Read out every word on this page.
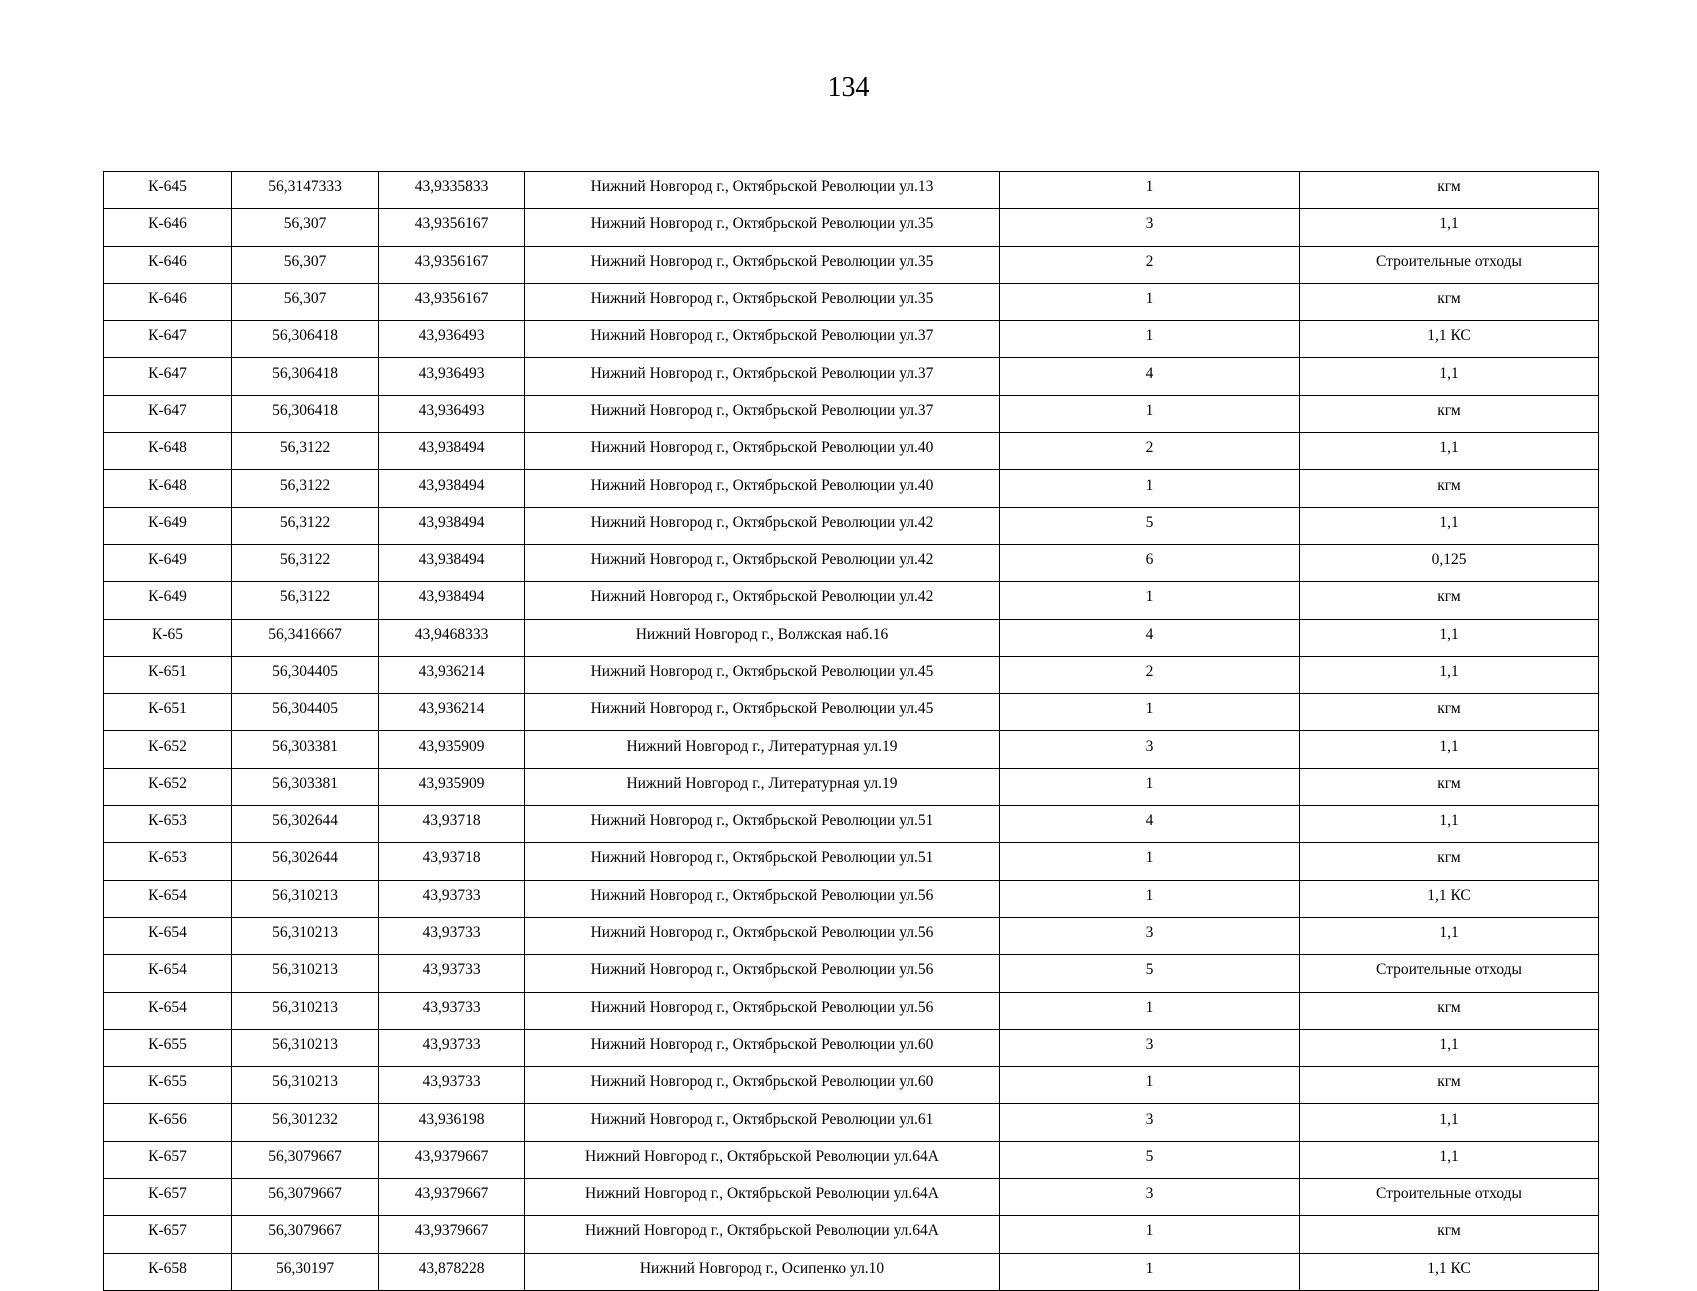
134
К-645	56,3147333	43,9335833	Нижний Новгород г., Октябрьской Революции ул.13	1	кгм
К-646	56,307	43,9356167	Нижний Новгород г., Октябрьской Революции ул.35	3	1,1
К-646	56,307	43,9356167	Нижний Новгород г., Октябрьской Революции ул.35	2	Строительные отходы
К-646	56,307	43,9356167	Нижний Новгород г., Октябрьской Революции ул.35	1	кгм
К-647	56,306418	43,936493	Нижний Новгород г., Октябрьской Революции ул.37	1	1,1 КС
К-647	56,306418	43,936493	Нижний Новгород г., Октябрьской Революции ул.37	4	1,1
К-647	56,306418	43,936493	Нижний Новгород г., Октябрьской Революции ул.37	1	кгм
К-648	56,3122	43,938494	Нижний Новгород г., Октябрьской Революции ул.40	2	1,1
К-648	56,3122	43,938494	Нижний Новгород г., Октябрьской Революции ул.40	1	кгм
К-649	56,3122	43,938494	Нижний Новгород г., Октябрьской Революции ул.42	5	1,1
К-649	56,3122	43,938494	Нижний Новгород г., Октябрьской Революции ул.42	6	0,125
К-649	56,3122	43,938494	Нижний Новгород г., Октябрьской Революции ул.42	1	кгм
К-65	56,3416667	43,9468333	Нижний Новгород г., Волжская наб.16	4	1,1
К-651	56,304405	43,936214	Нижний Новгород г., Октябрьской Революции ул.45	2	1,1
К-651	56,304405	43,936214	Нижний Новгород г., Октябрьской Революции ул.45	1	кгм
К-652	56,303381	43,935909	Нижний Новгород г., Литературная ул.19	3	1,1
К-652	56,303381	43,935909	Нижний Новгород г., Литературная ул.19	1	кгм
К-653	56,302644	43,93718	Нижний Новгород г., Октябрьской Революции ул.51	4	1,1
К-653	56,302644	43,93718	Нижний Новгород г., Октябрьской Революции ул.51	1	кгм
К-654	56,310213	43,93733	Нижний Новгород г., Октябрьской Революции ул.56	1	1,1 КС
К-654	56,310213	43,93733	Нижний Новгород г., Октябрьской Революции ул.56	3	1,1
К-654	56,310213	43,93733	Нижний Новгород г., Октябрьской Революции ул.56	5	Строительные отходы
К-654	56,310213	43,93733	Нижний Новгород г., Октябрьской Революции ул.56	1	кгм
К-655	56,310213	43,93733	Нижний Новгород г., Октябрьской Революции ул.60	3	1,1
К-655	56,310213	43,93733	Нижний Новгород г., Октябрьской Революции ул.60	1	кгм
К-656	56,301232	43,936198	Нижний Новгород г., Октябрьской Революции ул.61	3	1,1
К-657	56,3079667	43,9379667	Нижний Новгород г., Октябрьской Революции ул.64А	5	1,1
К-657	56,3079667	43,9379667	Нижний Новгород г., Октябрьской Революции ул.64А	3	Строительные отходы
К-657	56,3079667	43,9379667	Нижний Новгород г., Октябрьской Революции ул.64А	1	кгм
К-658	56,30197	43,878228	Нижний Новгород г., Осипенко ул.10	1	1,1 КС
